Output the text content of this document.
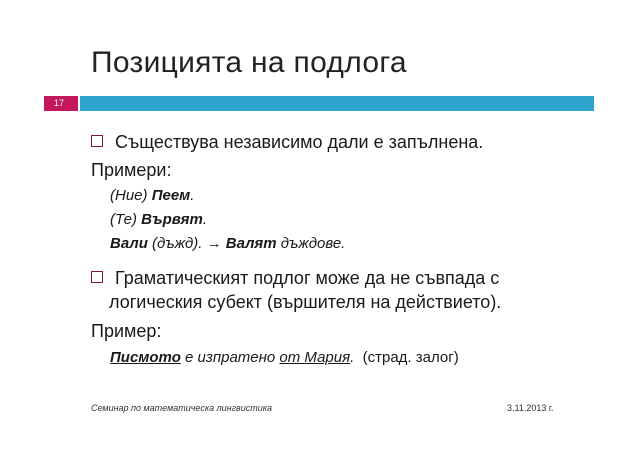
Позицията на подлога
17
Съществува независимо дали е запълнена.
Примери:
(Ние) Пеем.
(Те) Вървят.
Вали (дъжд). → Валят дъждове.
Граматическият подлог може да не съвпада с
логическия субект (вършителя на действието).
Пример:
Писмото е изпратено от Мария.  (страд. залог)
Семинар по математическа лингвистика	3.11.2013 г.
